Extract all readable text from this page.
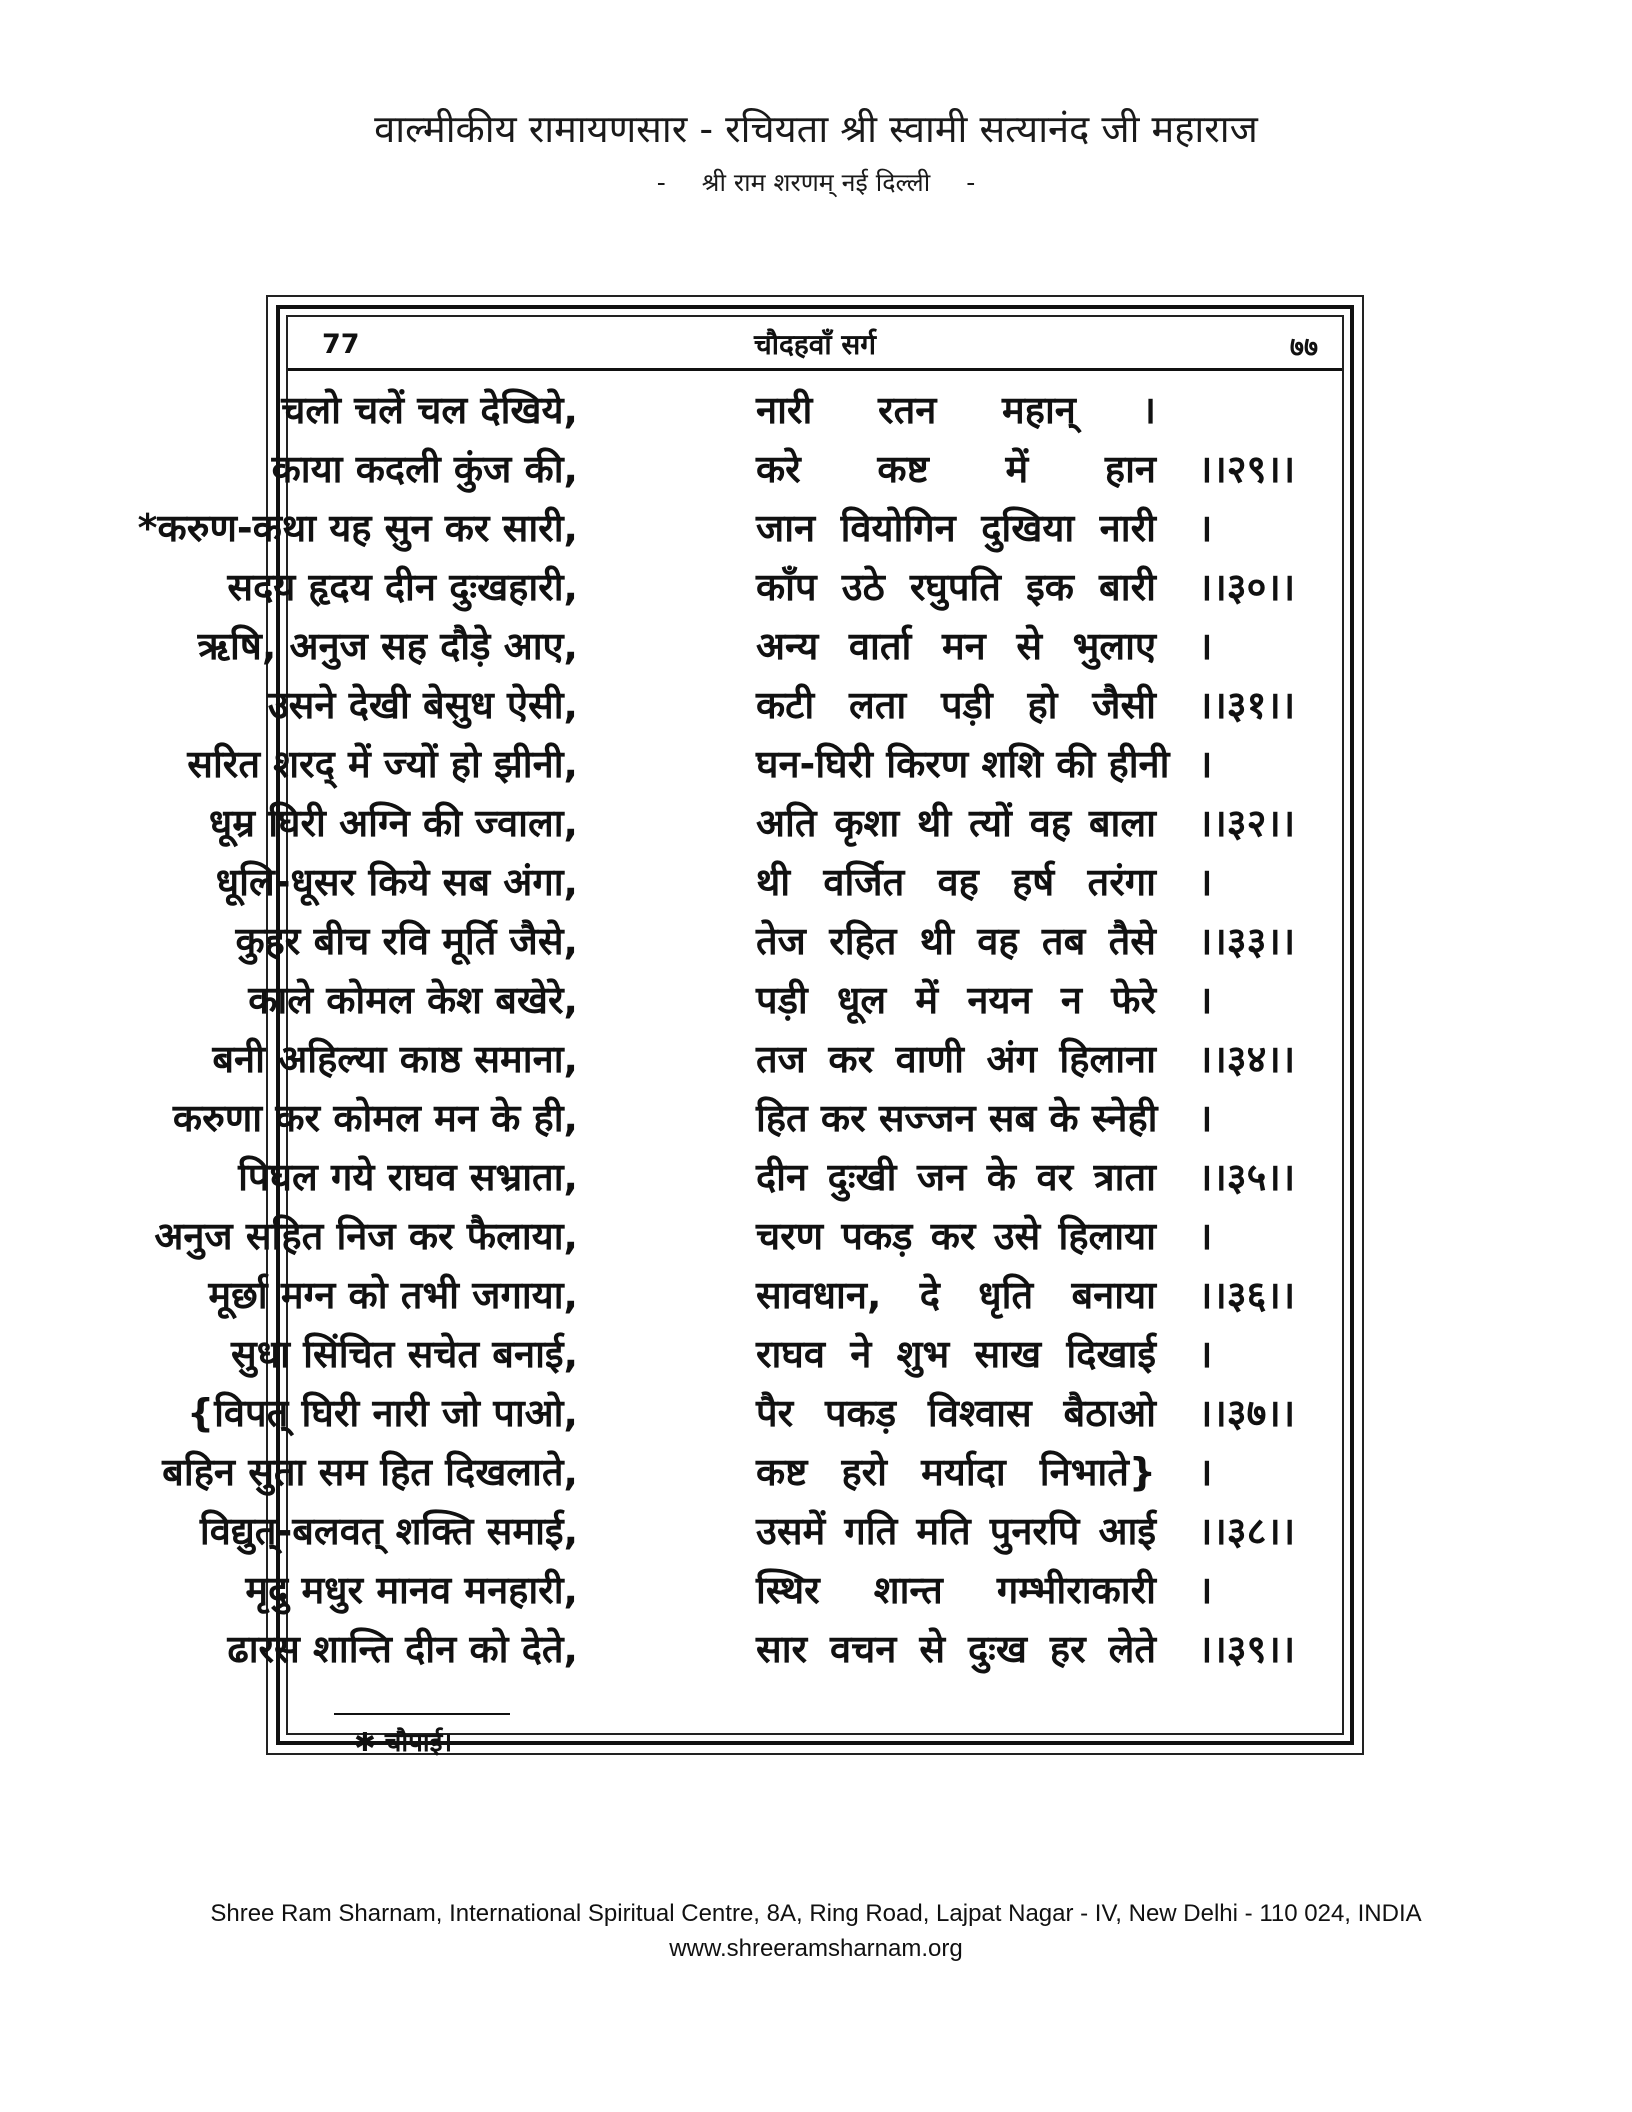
वाल्मीकीय रामायणसार - रचियता श्री स्वामी सत्यानंद जी महाराज
- श्री राम शरणम् नई दिल्ली -
77	चौदहवाँ सर्ग	७७
चलो चलें चल देखिये,	नारी रतन महान् ।
काया कदली कुंज की,	करे कष्ट में हान ।।२९।।
*करुण-कथा यह सुन कर सारी,	जान वियोगिन दुखिया नारी ।
सदय हृदय दीन दुःखहारी,	काँप उठे रघुपति इक बारी ।।३०।।
ऋषि, अनुज सह दौड़े आए,	अन्य वार्ता मन से भुलाए ।
उसने देखी बेसुध ऐसी,	कटी लता पड़ी हो जैसी ।।३१।।
सरित शरद् में ज्यों हो झीनी,	घन-घिरी किरण शशि की हीनी ।
धूम्र घिरी अग्नि की ज्वाला,	अति कृशा थी त्यों वह बाला ।।३२।।
धूलि-धूसर किये सब अंगा,	थी वर्जित वह हर्ष तरंगा ।
कुहर बीच रवि मूर्ति जैसे,	तेज रहित थी वह तब तैसे ।।३३।।
काले कोमल केश बखेरे,	पड़ी धूल में नयन न फेरे ।
बनी अहिल्या काष्ठ समाना,	तज कर वाणी अंग हिलाना ।।३४।।
करुणा कर कोमल मन के ही,	हित कर सज्जन सब के स्नेही ।
पिघल गये राघव सभ्राता,	दीन दुःखी जन के वर त्राता ।।३५।।
अनुज सहित निज कर फैलाया,	चरण पकड़ कर उसे हिलाया ।
मूर्छा मग्न को तभी जगाया,	सावधान, दे धृति बनाया ।।३६।।
सुधा सिंचित सचेत बनाई,	राघव ने शुभ साख दिखाई ।
{विपत् घिरी नारी जो पाओ,	पैर पकड़ विश्वास बैठाओ ।।३७।।
बहिन सुता सम हित दिखलाते,	कष्ट हरो मर्यादा निभाते} ।
विद्युत्-बलवत् शक्ति समाई,	उसमें गति मति पुनरपि आई ।।३८।।
मृदु मधुर मानव मनहारी,	स्थिर शान्त गम्भीराकारी ।
ढारस शान्ति दीन को देते,	सार वचन से दुःख हर लेते ।।३९।।
✱ चौपाई।
Shree Ram Sharnam, International Spiritual Centre, 8A, Ring Road, Lajpat Nagar - IV, New Delhi - 110 024, INDIA
www.shreeramsharnam.org
